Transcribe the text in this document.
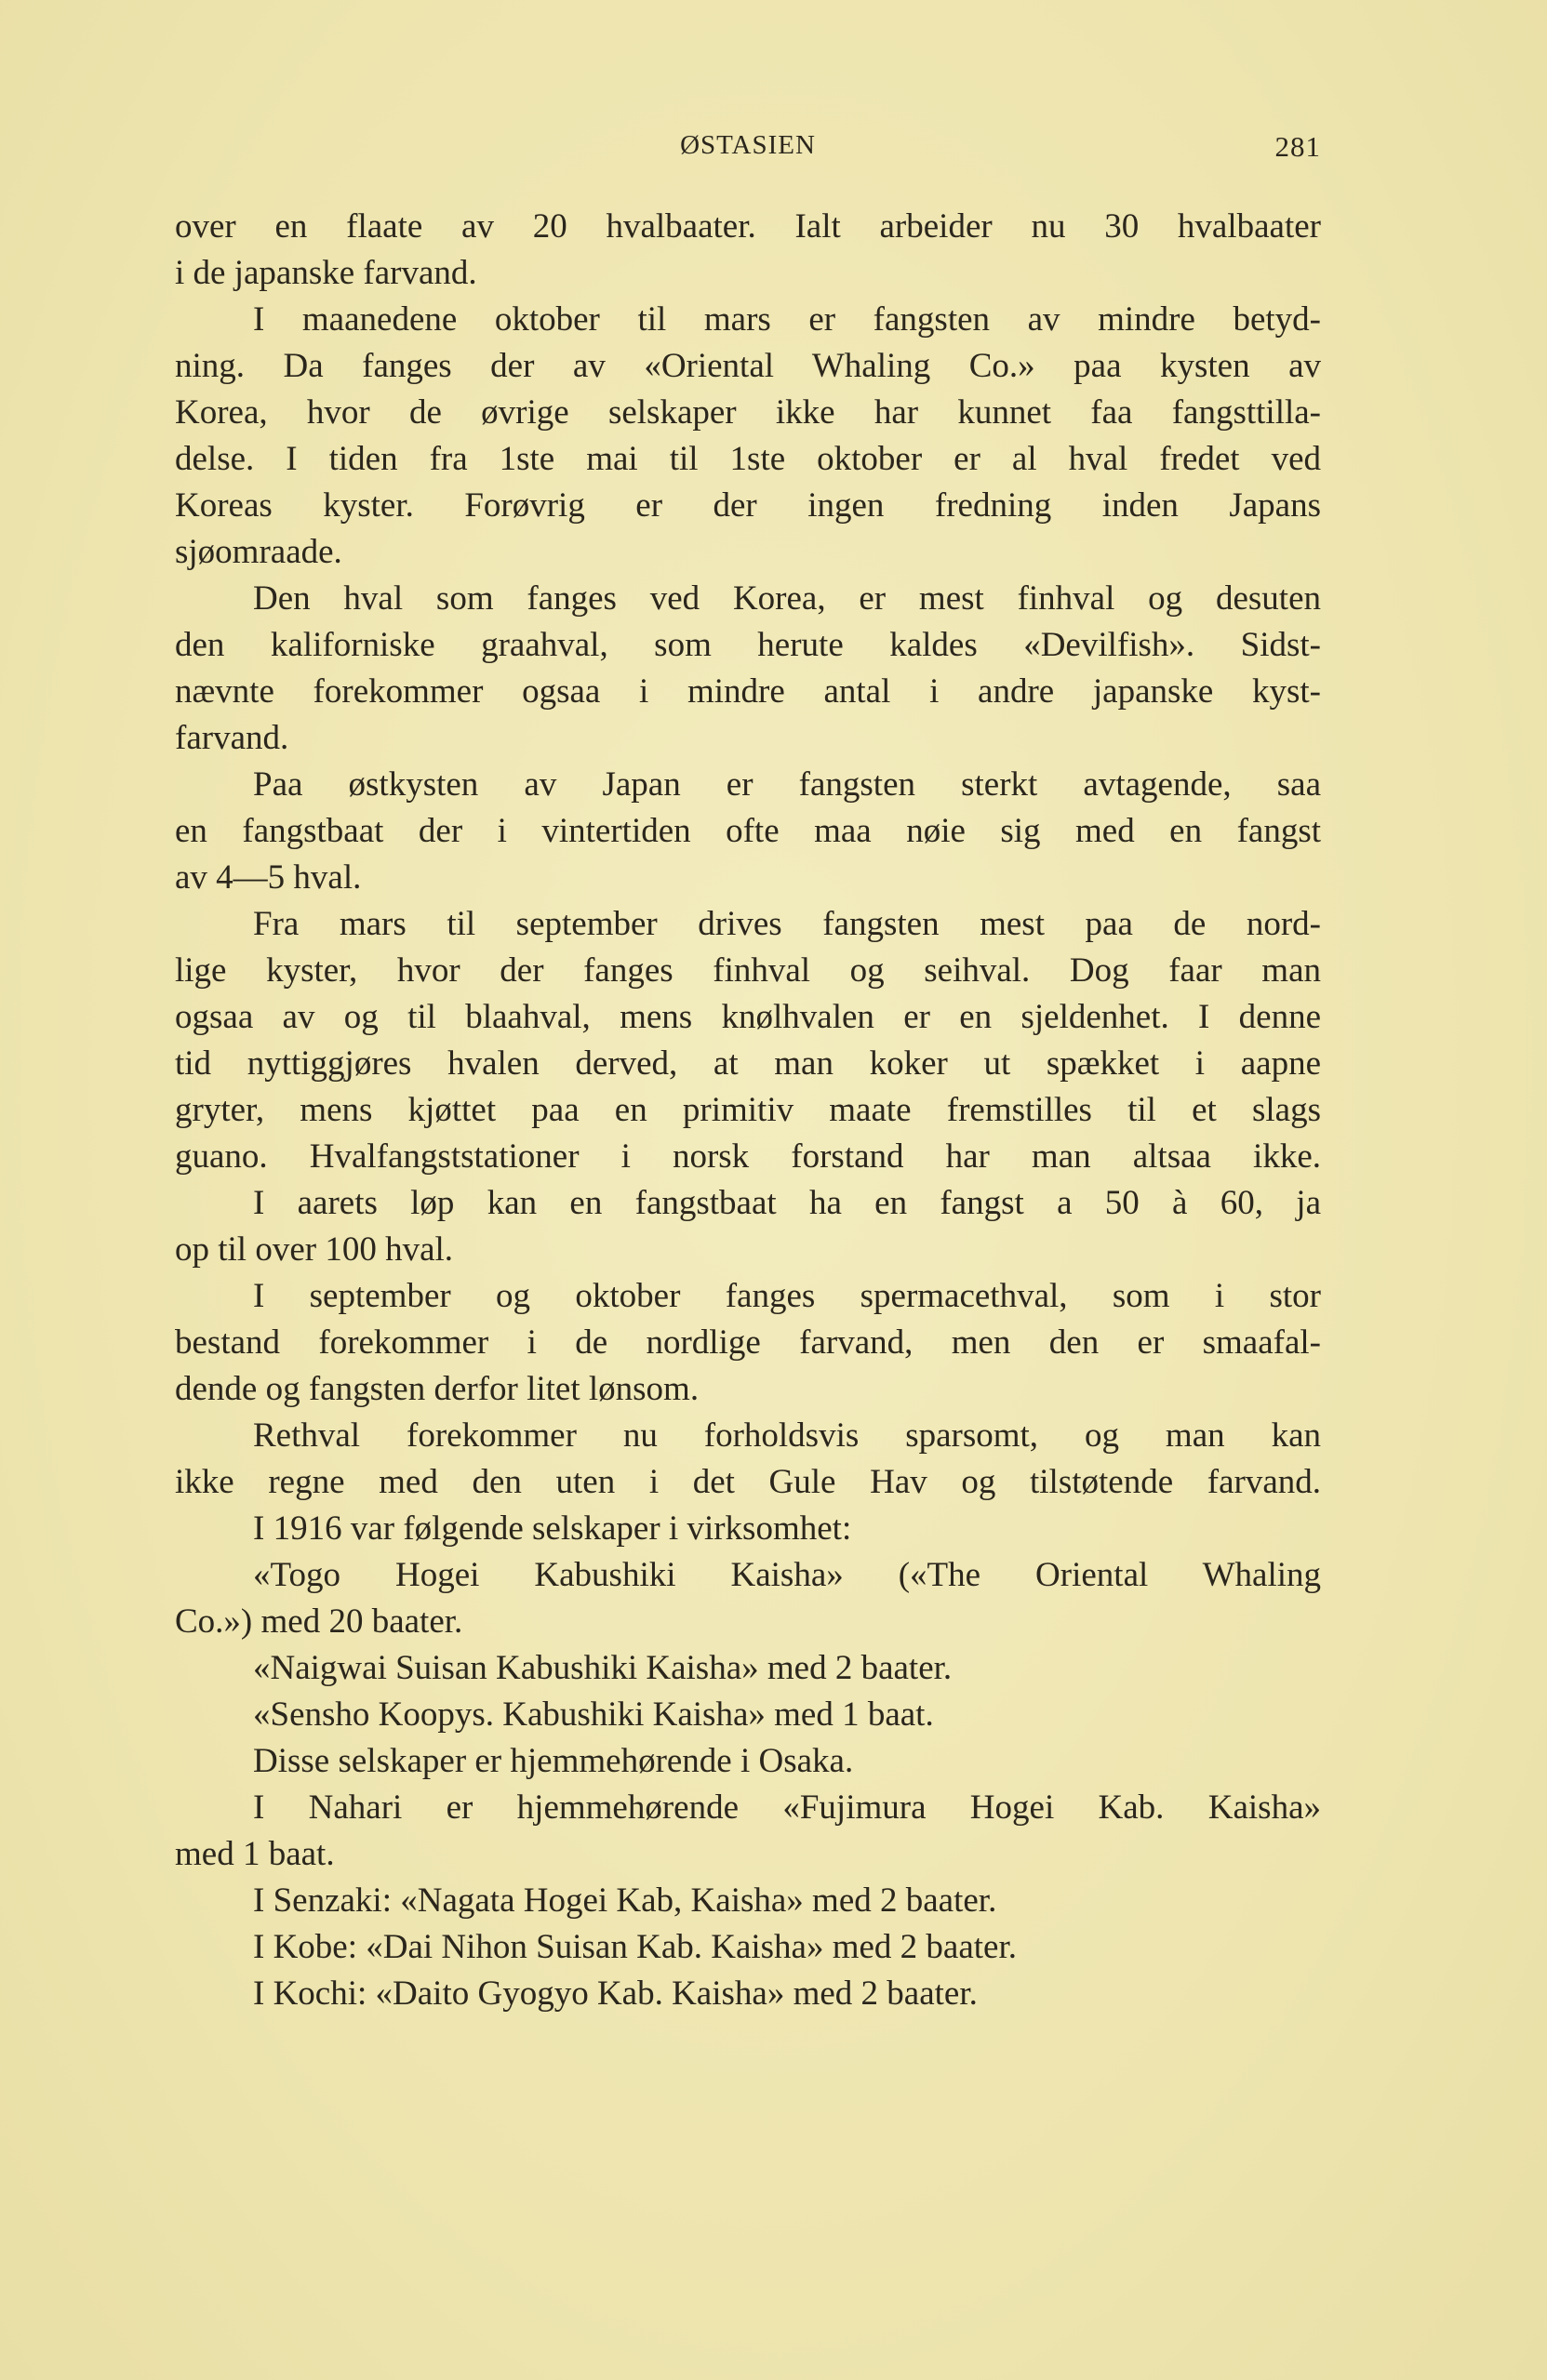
ØSTASIEN	281
over en flaate av 20 hvalbaater. Ialt arbeider nu 30 hvalbaater
i de japanske farvand.
I maanedene oktober til mars er fangsten av mindre betyd-
ning. Da fanges der av «Oriental Whaling Co.» paa kysten av
Korea, hvor de øvrige selskaper ikke har kunnet faa fangsttilla-
delse. I tiden fra 1ste mai til 1ste oktober er al hval fredet ved
Koreas kyster. Forøvrig er der ingen fredning inden Japans
sjøomraade.
Den hval som fanges ved Korea, er mest finhval og desuten
den kaliforniske graahval, som herute kaldes «Devilfish». Sidst-
nævnte forekommer ogsaa i mindre antal i andre japanske kyst-
farvand.
Paa østkysten av Japan er fangsten sterkt avtagende, saa
en fangstbaat der i vintertiden ofte maa nøie sig med en fangst
av 4—5 hval.
Fra mars til september drives fangsten mest paa de nord-
lige kyster, hvor der fanges finhval og seihval. Dog faar man
ogsaa av og til blaahval, mens knølhvalen er en sjeldenhet. I denne
tid nyttiggjøres hvalen derved, at man koker ut spækket i aapne
gryter, mens kjøttet paa en primitiv maate fremstilles til et slags
guano. Hvalfangststationer i norsk forstand har man altsaa ikke.
I aarets løp kan en fangstbaat ha en fangst a 50 à 60, ja
op til over 100 hval.
I september og oktober fanges spermacethval, som i stor
bestand forekommer i de nordlige farvand, men den er smaafal-
dende og fangsten derfor litet lønsom.
Rethval forekommer nu forholdsvis sparsomt, og man kan
ikke regne med den uten i det Gule Hav og tilstøtende farvand.
I 1916 var følgende selskaper i virksomhet:
«Togo Hogei Kabushiki Kaisha» («The Oriental Whaling
Co.») med 20 baater.
«Naigwai Suisan Kabushiki Kaisha» med 2 baater.
«Sensho Koopys. Kabushiki Kaisha» med 1 baat.
Disse selskaper er hjemmehørende i Osaka.
I Nahari er hjemmehørende «Fujimura Hogei Kab. Kaisha»
med 1 baat.
I Senzaki: «Nagata Hogei Kab, Kaisha» med 2 baater.
I Kobe: «Dai Nihon Suisan Kab. Kaisha» med 2 baater.
I Kochi: «Daito Gyogyo Kab. Kaisha» med 2 baater.
